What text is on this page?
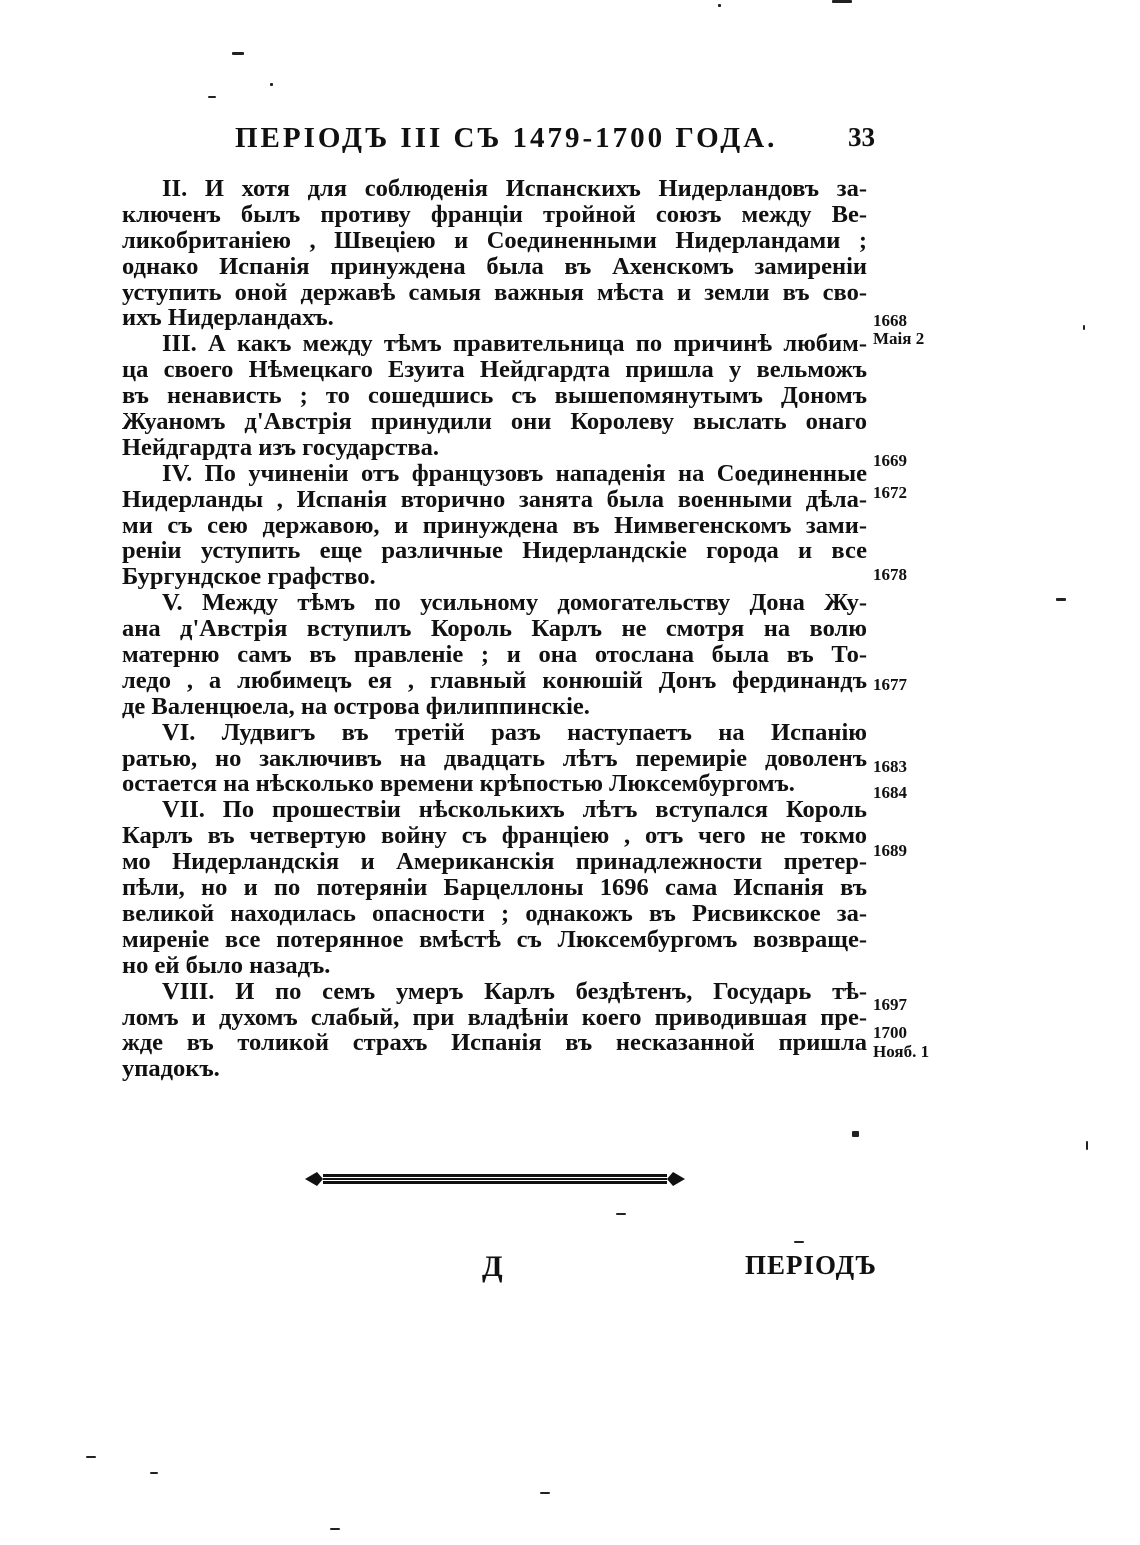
ПЕРІОДЪ III СЪ 1479-1700 ГОДА.	33
II. И хотя для соблюденія Испанскихъ Нидерландовъ за-
ключенъ былъ противу франціи тройной союзъ между Ве-
ликобританіею , Швеціею и Соединенными Нидерландами ;
однако Испанія принуждена была въ Ахенскомъ замиреніи
уступить оной державѣ самыя важныя мѣста и земли въ сво-
ихъ Нидерландахъ.
III. А какъ между тѣмъ правительница по причинѣ любим-
ца своего Нѣмецкаго Езуита Нейдгардта пришла у вельможъ
въ ненависть ; то сошедшись съ вышепомянутымъ Дономъ
Жуаномъ д'Австрія принудили они Королеву выслать онаго
Нейдгардта изъ государства.
IV. По учиненіи отъ французовъ нападенія на Соединенные
Нидерланды , Испанія вторично занята была военными дѣла-
ми съ сею державою, и принуждена въ Нимвегенскомъ зами-
реніи уступить еще различные Нидерландскіе города и все
Бургундское графство.
V. Между тѣмъ по усильному домогательству Дона Жу-
ана д'Австрія вступилъ Король Карлъ не смотря на волю
матерню самъ въ правленіе ; и она отослана была въ То-
ледо , а любимецъ ея , главный конюшій Донъ фердинандъ
де Валенцюела, на острова филиппинскіе.
VI. Лудвигъ въ третій разъ наступаетъ на Испанію
ратью, но заключивъ на двадцать лѣтъ перемиріе доволенъ
остается на нѣсколько времени крѣпостью Люксембургомъ.
VII. По прошествіи нѣсколькихъ лѣтъ вступался Король
Карлъ въ четвертую войну съ франціею , отъ чего не токмо
мо Нидерландскія и Американскія принадлежности претер-
пѣли, но и по потеряніи Барцеллоны 1696 сама Испанія въ
великой находилась опасности ; однакожъ въ Рисвикское за-
миреніе все потерянное вмѣстѣ съ Люксембургомъ возвраще-
но ей было назадъ.
VIII. И по семъ умеръ Карлъ бездѣтенъ, Государь тѣ-
ломъ и духомъ слабый, при владѣніи коего приводившая пре-
жде въ толикой страхъ Испанія въ несказанной пришла
упадокъ.
1668
Маія 2
1669
1672
1678
1677
1683
1684
1689
1697
1700
Нояб. 1
Д	ПЕРІОДЪ
